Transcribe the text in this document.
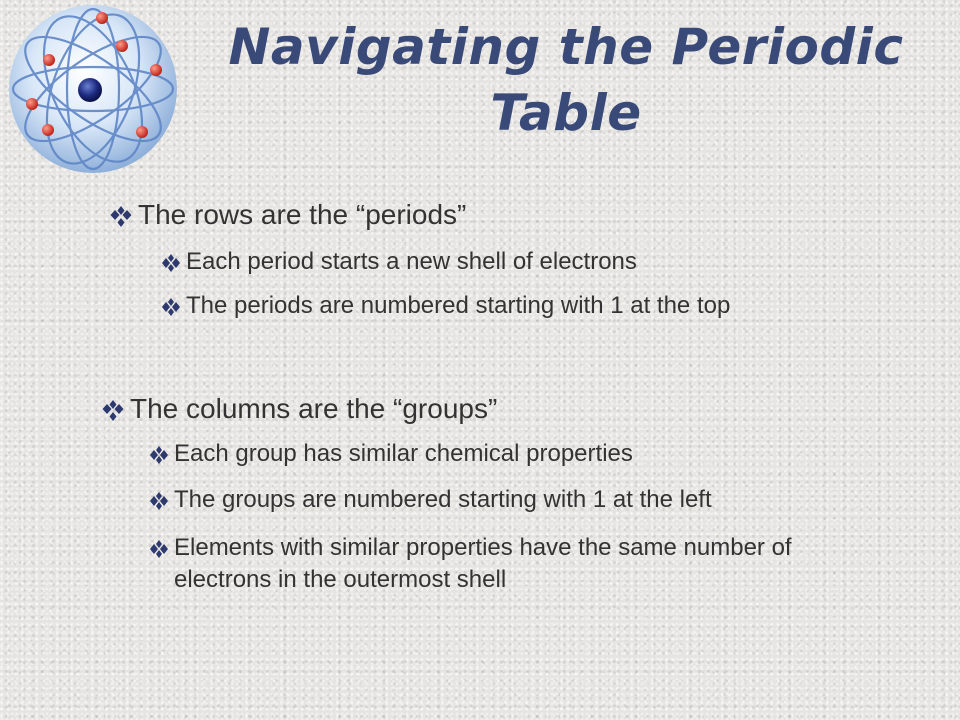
Navigating the Periodic Table
The rows are the “periods”
Each period starts a new shell of electrons
The periods are numbered starting with 1 at the top
The columns are the “groups”
Each group has similar chemical properties
The groups are numbered starting with 1 at the left
Elements with similar properties have the same number of electrons in the outermost shell
